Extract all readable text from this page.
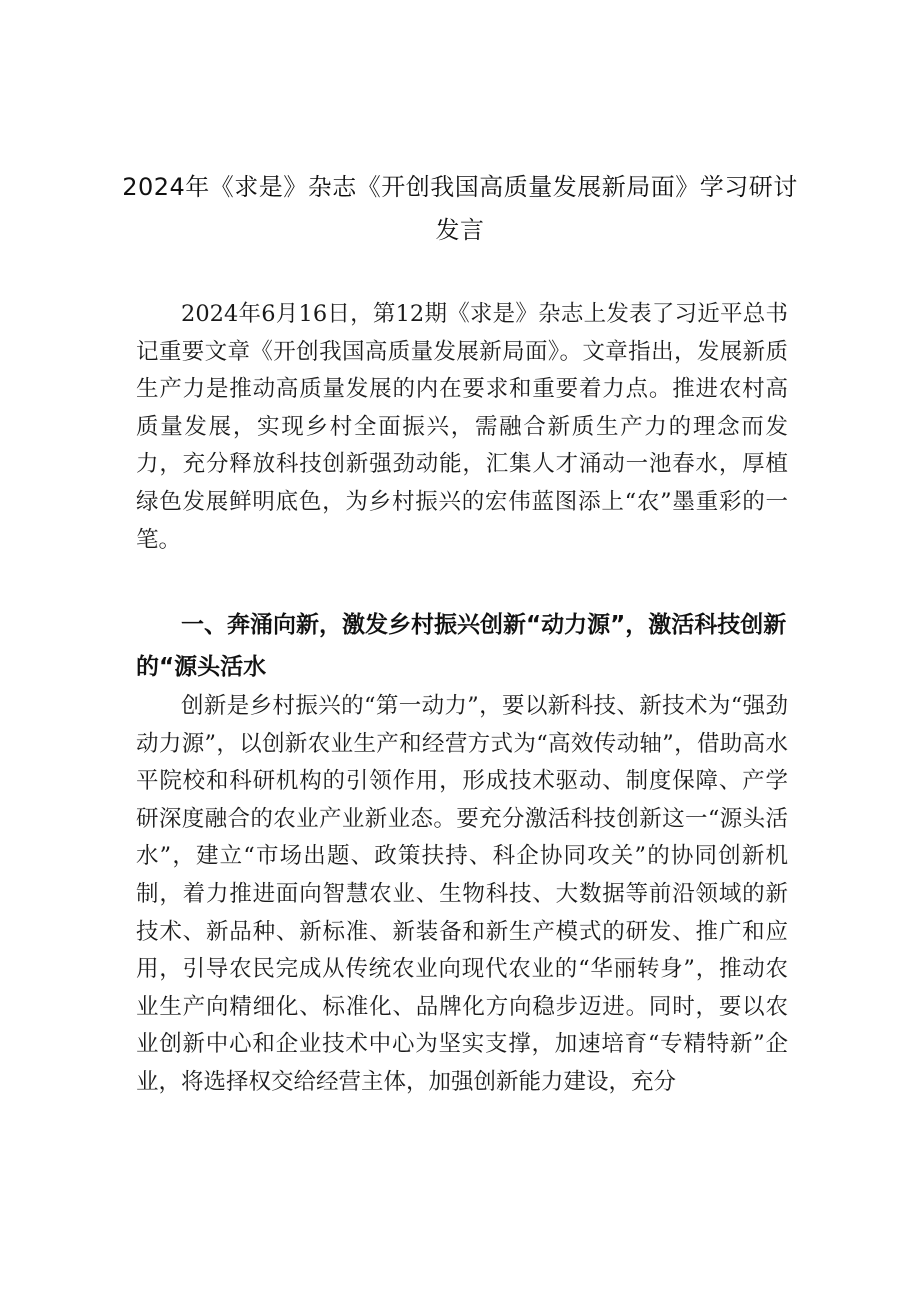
2024年《求是》杂志《开创我国高质量发展新局面》学习研讨发言

2024年6月16日，第12期《求是》杂志上发表了习近平总书记重要文章《开创我国高质量发展新局面》。文章指出，发展新质生产力是推动高质量发展的内在要求和重要着力点。推进农村高质量发展，实现乡村全面振兴，需融合新质生产力的理念而发力，充分释放科技创新强劲动能，汇集人才涌动一池春水，厚植绿色发展鲜明底色，为乡村振兴的宏伟蓝图添上“农”墨重彩的一笔。

一、奔涌向新，激发乡村振兴创新“动力源”，激活科技创新的“源头活水

创新是乡村振兴的“第一动力”，要以新科技、新技术为“强劲动力源”，以创新农业生产和经营方式为“高效传动轴”，借助高水平院校和科研机构的引领作用，形成技术驱动、制度保障、产学研深度融合的农业产业新业态。要充分激活科技创新这一“源头活水”，建立“市场出题、政策扶持、科企协同攻关”的协同创新机制，着力推进面向智慧农业、生物科技、大数据等前沿领域的新技术、新品种、新标准、新装备和新生产模式的研发、推广和应用，引导农民完成从传统农业向现代农业的“华丽转身”，推动农业生产向精细化、标准化、品牌化方向稳步迈进。同时，要以农业创新中心和企业技术中心为坚实支撑，加速培育“专精特新”企业，将选择权交给经营主体，加强创新能力建设，充分
